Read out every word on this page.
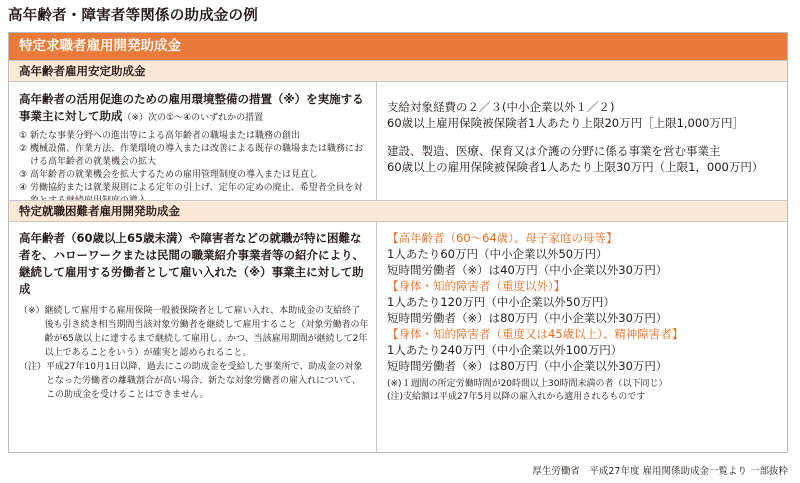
高年齢者・障害者等関係の助成金の例
特定求職者雇用開発助成金
高年齢者雇用安定助成金
高年齢者の活用促進のための雇用環境整備の措置（※）を実施する事業主に対して助成（※）次の①～④のいずれかの措置
① 新たな事業分野への進出等による高年齢者の職場または職務の創出
② 機械設備、作業方法、作業環境の導入または改善による既存の職場または職務における高年齢者の就業機会の拡大
③ 高年齢者の就業機会を拡大するための雇用管理制度の導入または見直し
④ 労働協約または就業規則による定年の引上げ、定年の定めの廃止、希望者全員を対
支給対象経費の２／３(中小企業以外１／２)
60歳以上雇用保険被保険者1人あたり上限20万円［上限1,000万円］
建設、製造、医療、保育又は介護の分野に係る事業を営む事業主
60歳以上の雇用保険被保険者1人あたり上限30万円（上限1，000万円）
特定就職困難者雇用開発助成金
高年齢者（60歳以上65歳未満）や障害者などの就職が特に困難な者を、ハローワークまたは民間の職業紹介事業者等の紹介により、継続して雇用する労働者として雇い入れた（※）事業主に対して助成
（※） 継続して雇用する雇用保険一般被保険者として雇い入れ、本助成金の支給終了後も引き続き相当期間当該対象労働者を継続して雇用すること（対象労働者の年齢が65歳以上に達するまで継続して雇用し、かつ、当該雇用期間が継続して2年以上であることをいう）が確実と認められること。
（注） 平成27年10月1日以降、過去にこの助成金を受給した事業所で、助成金の対象となった労働者の離職割合が高い場合、新たな対象労働者の雇入れについて、この助成金を受けることはできません。
【高年齢者（60～64歳）、母子家庭の母等】
1人あたり60万円（中小企業以外50万円）
短時間労働者（※）は40万円（中小企業以外30万円）
【身体・知的障害者（重度以外）】
1人あたり120万円（中小企業以外50万円）
短時間労働者（※）は80万円（中小企業以外30万円）
【身体・知的障害者（重度又は45歳以上）、精神障害者】
1人あたり240万円（中小企業以外100万円）
短時間労働者（※）は80万円（中小企業以外30万円）
(※)１週間の所定労働時間が20時間以上30時間未満の者（以下同じ）
(注)支給額は平成27年5月以降の雇入れから適用されるものです
厚生労働省　平成27年度 雇用関係助成金一覧より 一部抜粋
